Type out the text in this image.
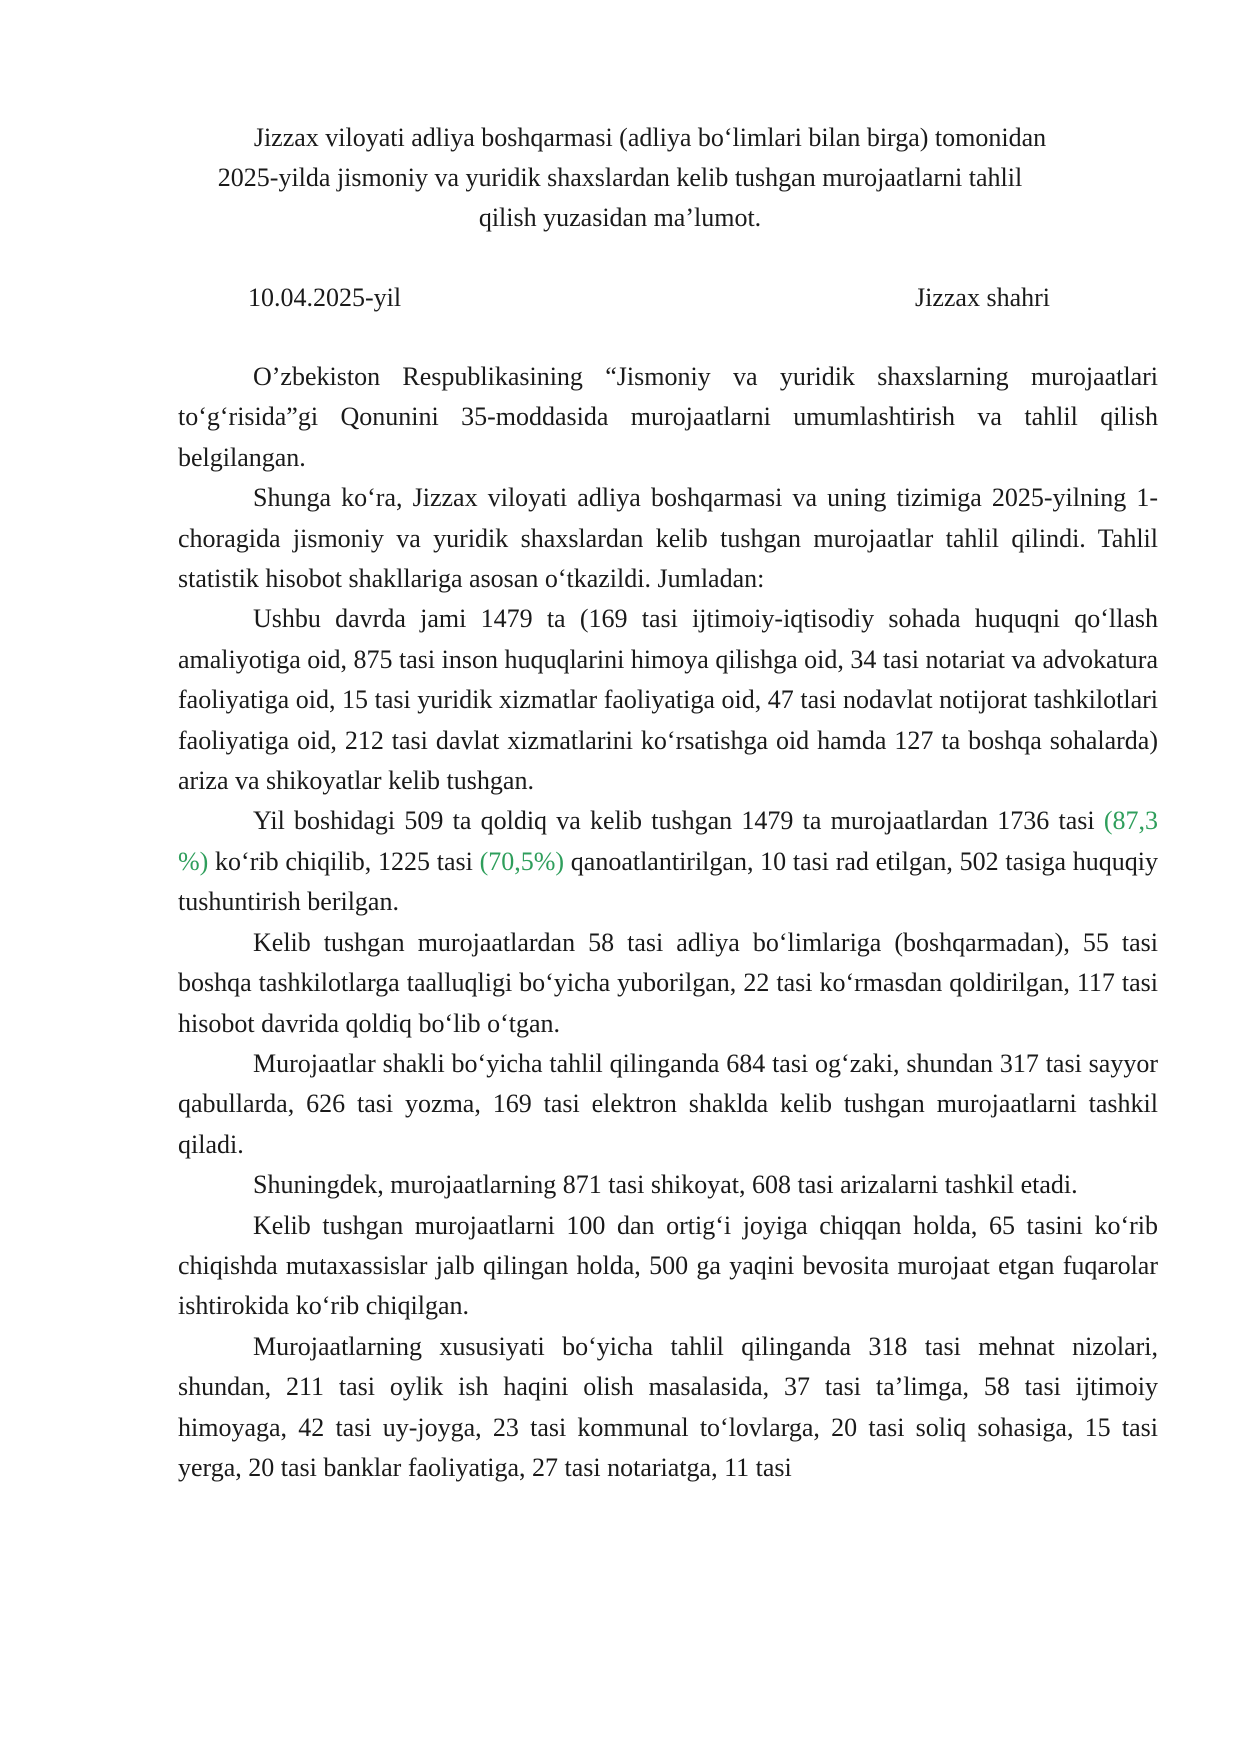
Jizzax viloyati adliya boshqarmasi (adliya bo‘limlari bilan birga) tomonidan
2025-yilda jismoniy va yuridik shaxslardan kelib tushgan murojaatlarni tahlil
qilish yuzasidan ma’lumot.
10.04.2025-yil	Jizzax shahri

O’zbekiston Respublikasining “Jismoniy va yuridik shaxslarning murojaatlari to‘g‘risida”gi Qonunini 35-moddasida murojaatlarni umumlashtirish va tahlil qilish belgilangan.

Shunga ko‘ra, Jizzax viloyati adliya boshqarmasi va uning tizimiga 2025-yilning 1-choragida jismoniy va yuridik shaxslardan kelib tushgan murojaatlar tahlil qilindi. Tahlil statistik hisobot shakllariga asosan o‘tkazildi. Jumladan:

Ushbu davrda jami 1479 ta (169 tasi ijtimoiy-iqtisodiy sohada huquqni qo‘llash amaliyotiga oid, 875 tasi inson huquqlarini himoya qilishga oid, 34 tasi notariat va advokatura faoliyatiga oid, 15 tasi yuridik xizmatlar faoliyatiga oid, 47 tasi nodavlat notijorat tashkilotlari faoliyatiga oid, 212 tasi davlat xizmatlarini ko‘rsatishga oid hamda 127 ta boshqa sohalarda) ariza va shikoyatlar kelib tushgan.

Yil boshidagi 509 ta qoldiq va kelib tushgan 1479 ta murojaatlardan 1736 tasi (87,3 %) ko‘rib chiqilib, 1225 tasi (70,5%) qanoatlantirilgan, 10 tasi rad etilgan, 502 tasiga huquqiy tushuntirish berilgan.

Kelib tushgan murojaatlardan 58 tasi adliya bo‘limlariga (boshqarmadan), 55 tasi boshqa tashkilotlarga taalluqligi bo‘yicha yuborilgan, 22 tasi ko‘rmasdan qoldirilgan, 117 tasi hisobot davrida qoldiq bo‘lib o‘tgan.

Murojaatlar shakli bo‘yicha tahlil qilinganda 684 tasi og‘zaki, shundan 317 tasi sayyor qabullarda, 626 tasi yozma, 169 tasi elektron shaklda kelib tushgan murojaatlarni tashkil qiladi.

Shuningdek, murojaatlarning 871 tasi shikoyat, 608 tasi arizalarni tashkil etadi.

Kelib tushgan murojaatlarni 100 dan ortig‘i joyiga chiqqan holda, 65 tasini ko‘rib chiqishda mutaxassislar jalb qilingan holda, 500 ga yaqini bevosita murojaat etgan fuqarolar ishtirokida ko‘rib chiqilgan.

Murojaatlarning xususiyati bo‘yicha tahlil qilinganda 318 tasi mehnat nizolari, shundan, 211 tasi oylik ish haqini olish masalasida, 37 tasi ta’limga, 58 tasi ijtimoiy himoyaga, 42 tasi uy-joyga, 23 tasi kommunal to‘lovlarga, 20 tasi soliq sohasiga, 15 tasi yerga, 20 tasi banklar faoliyatiga, 27 tasi notariatga, 11 tasi
